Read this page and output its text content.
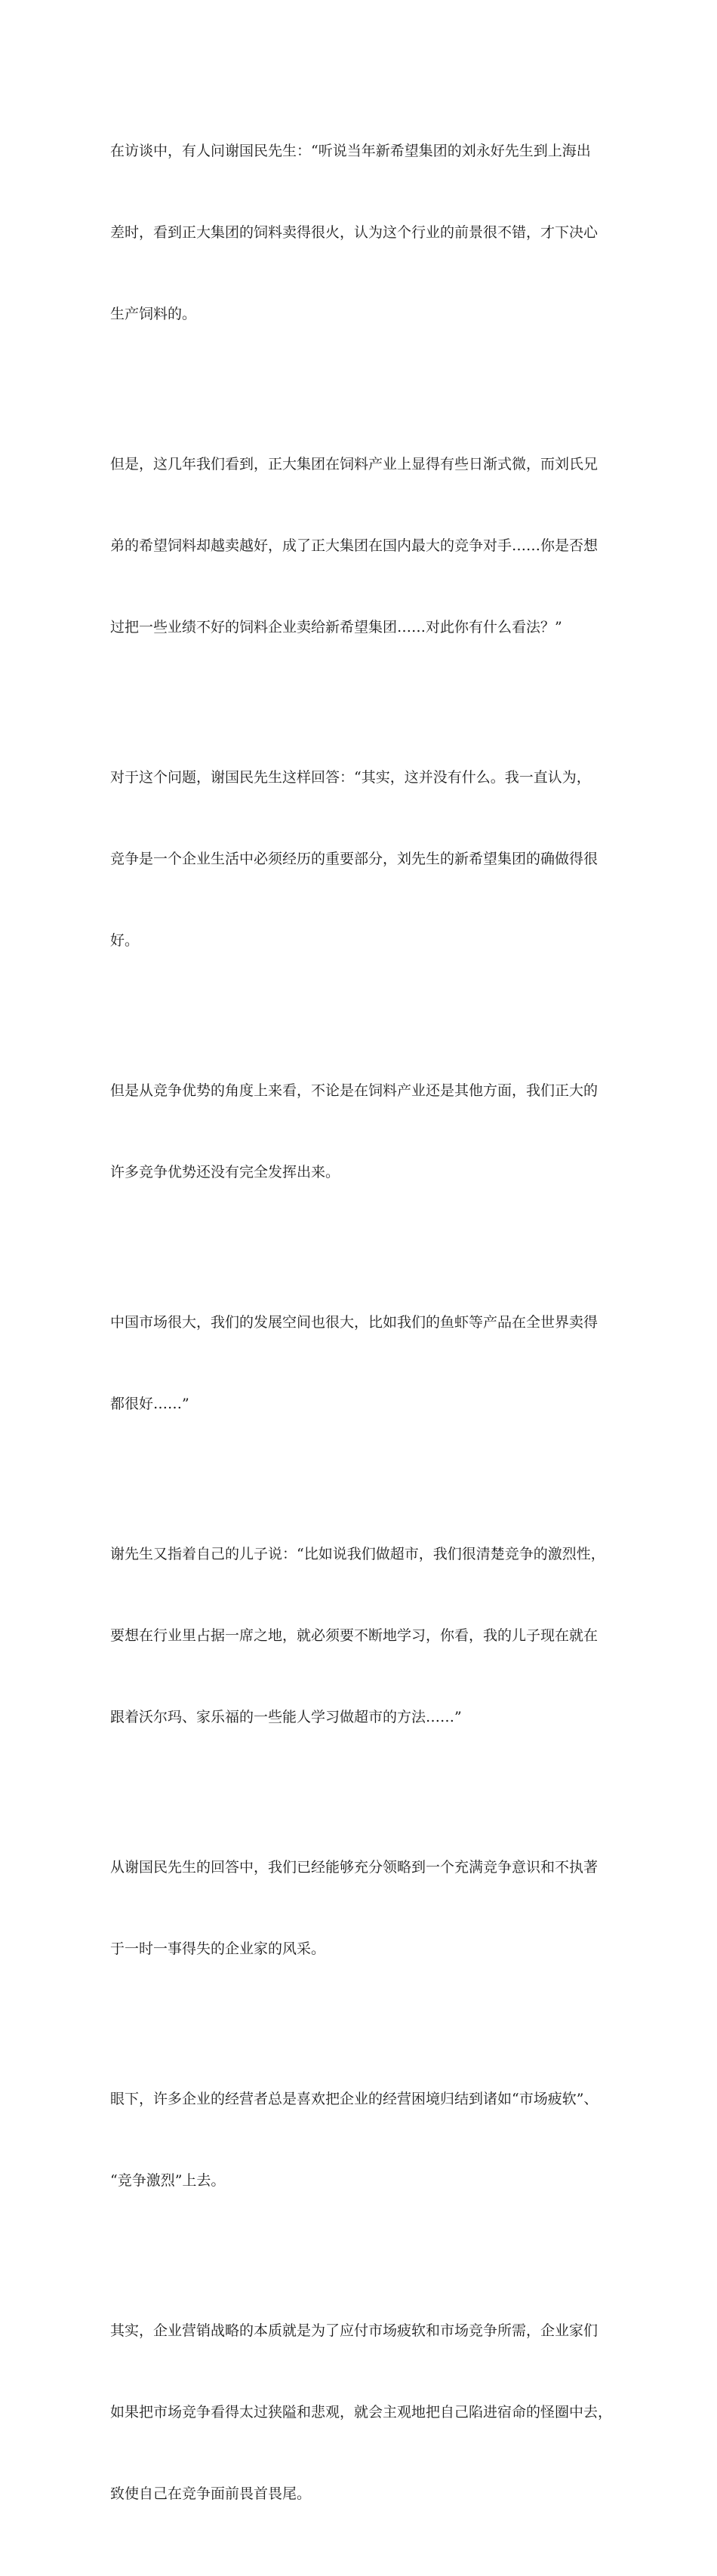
在访谈中，有人问谢国民先生：“听说当年新希望集团的刘永好先生到上海出

差时，看到正大集团的饲料卖得很火，认为这个行业的前景很不错，才下决心

生产饲料的。

但是，这几年我们看到，正大集团在饲料产业上显得有些日渐式微，而刘氏兄

弟的希望饲料却越卖越好，成了正大集团在国内最大的竞争对手……你是否想

过把一些业绩不好的饲料企业卖给新希望集团……对此你有什么看法？”

对于这个问题，谢国民先生这样回答：“其实，这并没有什么。我一直认为，

竞争是一个企业生活中必须经历的重要部分，刘先生的新希望集团的确做得很

好。

但是从竞争优势的角度上来看，不论是在饲料产业还是其他方面，我们正大的

许多竞争优势还没有完全发挥出来。

中国市场很大，我们的发展空间也很大，比如我们的鱼虾等产品在全世界卖得

都很好……”

谢先生又指着自己的儿子说：“比如说我们做超市，我们很清楚竞争的激烈性，

要想在行业里占据一席之地，就必须要不断地学习，你看，我的儿子现在就在

跟着沃尔玛、家乐福的一些能人学习做超市的方法……”

从谢国民先生的回答中，我们已经能够充分领略到一个充满竞争意识和不执著

于一时一事得失的企业家的风采。

眼下，许多企业的经营者总是喜欢把企业的经营困境归结到诸如“市场疲软”、

“竞争激烈”上去。

其实，企业营销战略的本质就是为了应付市场疲软和市场竞争所需，企业家们

如果把市场竞争看得太过狭隘和悲观，就会主观地把自己陷进宿命的怪圈中去，

致使自己在竞争面前畏首畏尾。
